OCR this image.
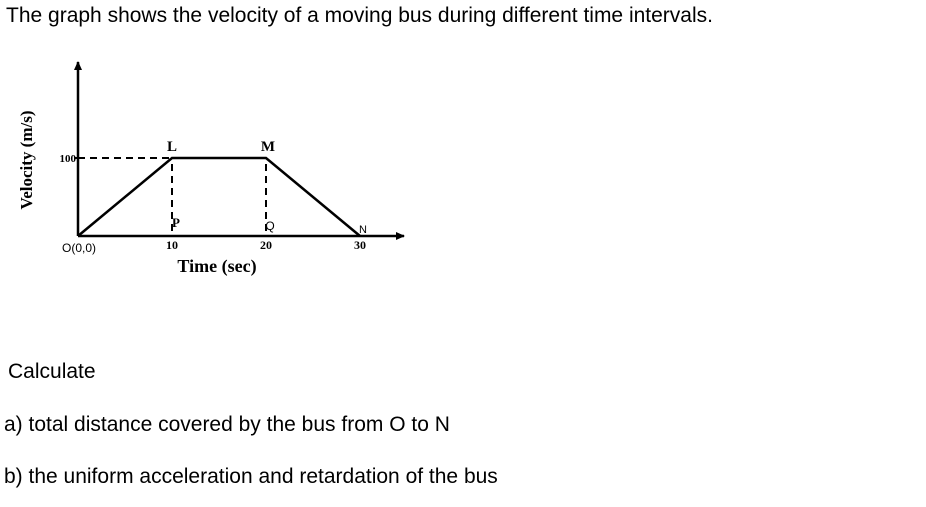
The graph shows the velocity of a moving bus during different time intervals.

100
10	20	30
L	M
N
P	Q
O(0,0)
Time (sec)
Velocity (m/s)

Calculate

a) total distance covered by the bus from O to N

b) the uniform acceleration and retardation of the bus
